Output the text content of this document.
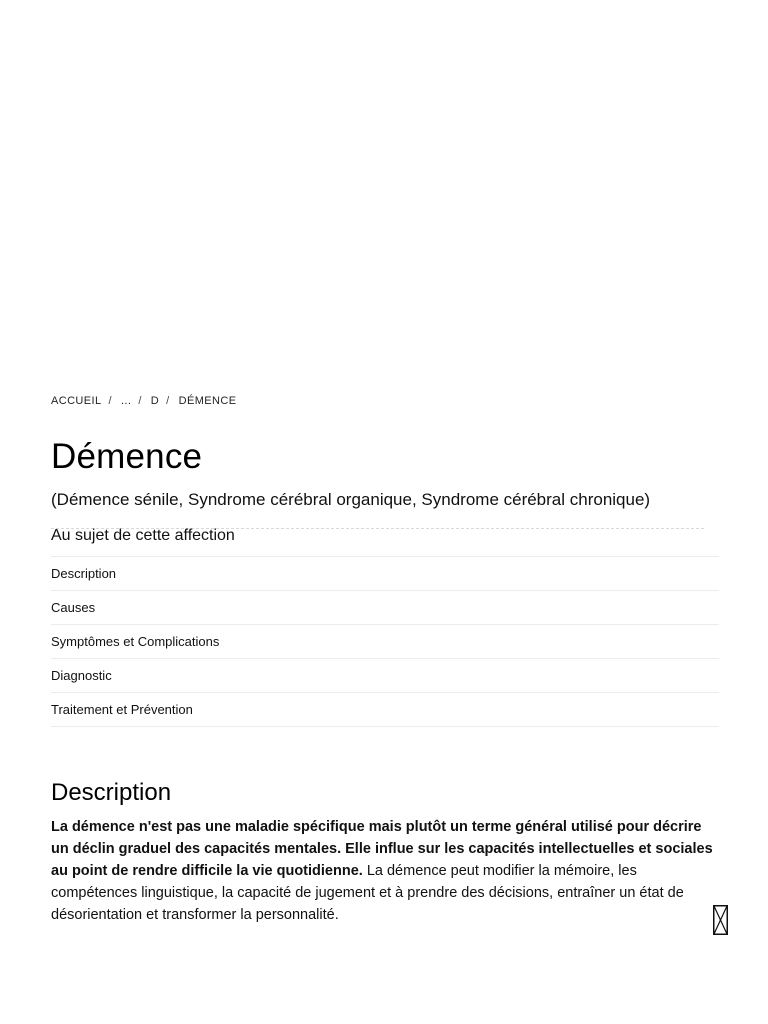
ACCUEIL / ... / D / DÉMENCE
Démence
(Démence sénile, Syndrome cérébral organique, Syndrome cérébral chronique)
Au sujet de cette affection
Description
Causes
Symptômes et Complications
Diagnostic
Traitement et Prévention
Description

La démence n'est pas une maladie spécifique mais plutôt un terme général utilisé pour décrire un déclin graduel des capacités mentales. Elle influe sur les capacités intellectuelles et sociales au point de rendre difficile la vie quotidienne. La démence peut modifier la mémoire, les compétences linguistique, la capacité de jugement et à prendre des décisions, entraîner un état de désorientation et transformer la personnalité.
